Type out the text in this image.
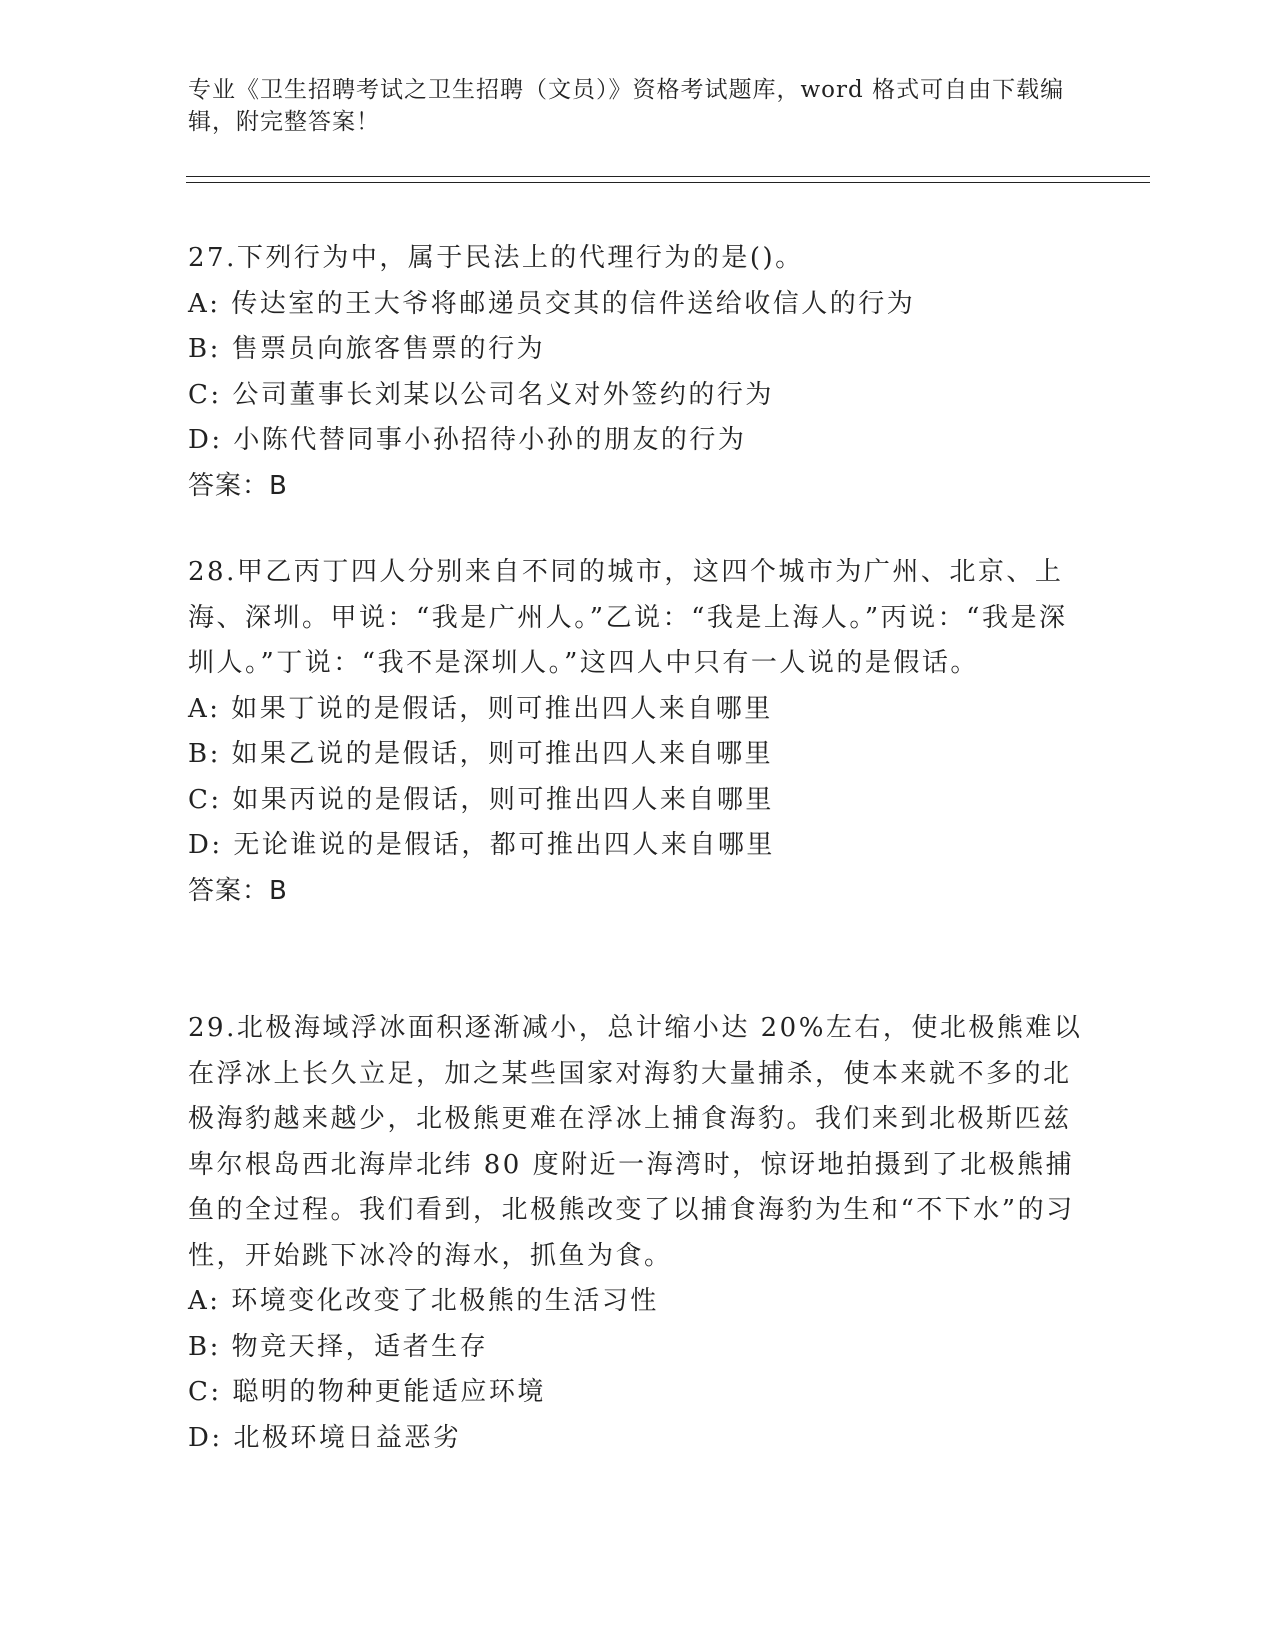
专业《卫生招聘考试之卫生招聘（文员）》资格考试题库，word 格式可自由下载编辑，附完整答案！

27.下列行为中，属于民法上的代理行为的是()。

A: 传达室的王大爷将邮递员交其的信件送给收信人的行为

B: 售票员向旅客售票的行为

C: 公司董事长刘某以公司名义对外签约的行为

D: 小陈代替同事小孙招待小孙的朋友的行为

答案：B

28.甲乙丙丁四人分别来自不同的城市，这四个城市为广州、北京、上海、深圳。甲说：“我是广州人。”乙说：“我是上海人。”丙说：“我是深圳人。”丁说：“我不是深圳人。”这四人中只有一人说的是假话。

A: 如果丁说的是假话，则可推出四人来自哪里

B: 如果乙说的是假话，则可推出四人来自哪里

C: 如果丙说的是假话，则可推出四人来自哪里

D: 无论谁说的是假话，都可推出四人来自哪里

答案：B

29.北极海域浮冰面积逐渐减小，总计缩小达 20%左右，使北极熊难以在浮冰上长久立足，加之某些国家对海豹大量捕杀，使本来就不多的北极海豹越来越少，北极熊更难在浮冰上捕食海豹。我们来到北极斯匹兹卑尔根岛西北海岸北纬 80 度附近一海湾时，惊讶地拍摄到了北极熊捕鱼的全过程。我们看到，北极熊改变了以捕食海豹为生和“不下水”的习性，开始跳下冰冷的海水，抓鱼为食。

A: 环境变化改变了北极熊的生活习性

B: 物竞天择，适者生存

C: 聪明的物种更能适应环境

D: 北极环境日益恶劣
